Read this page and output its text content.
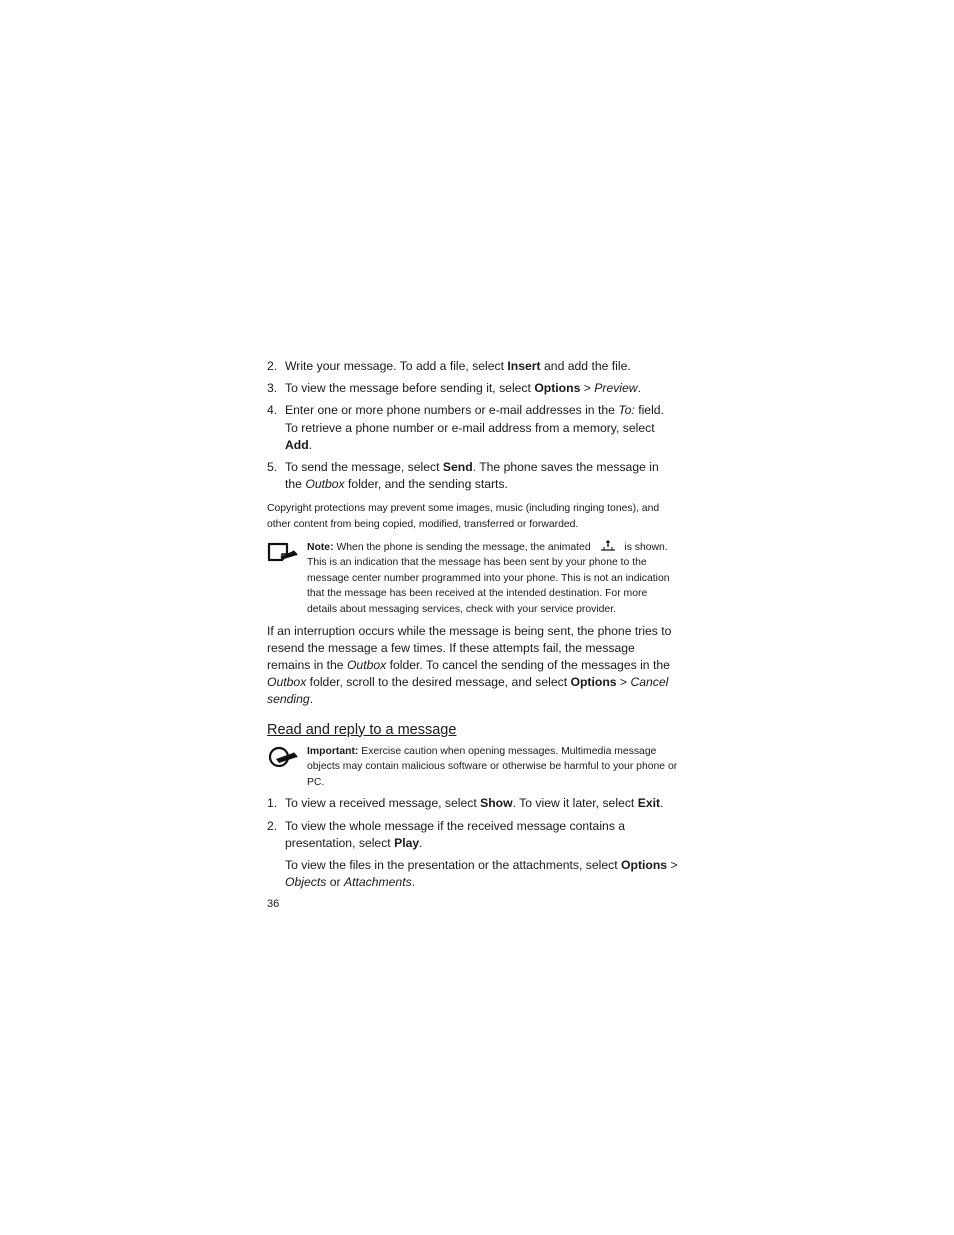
2. Write your message. To add a file, select Insert and add the file.
3. To view the message before sending it, select Options > Preview.
4. Enter one or more phone numbers or e-mail addresses in the To: field. To retrieve a phone number or e-mail address from a memory, select Add.
5. To send the message, select Send. The phone saves the message in the Outbox folder, and the sending starts.
Copyright protections may prevent some images, music (including ringing tones), and other content from being copied, modified, transferred or forwarded.
Note: When the phone is sending the message, the animated	is shown. This is an indication that the message has been sent by your phone to the message center number programmed into your phone. This is not an indication that the message has been received at the intended destination. For more details about messaging services, check with your service provider.
If an interruption occurs while the message is being sent, the phone tries to resend the message a few times. If these attempts fail, the message remains in the Outbox folder. To cancel the sending of the messages in the Outbox folder, scroll to the desired message, and select Options > Cancel sending.
Read and reply to a message
Important: Exercise caution when opening messages. Multimedia message objects may contain malicious software or otherwise be harmful to your phone or PC.
1. To view a received message, select Show. To view it later, select Exit.
2. To view the whole message if the received message contains a presentation, select Play.
To view the files in the presentation or the attachments, select Options > Objects or Attachments.
36
